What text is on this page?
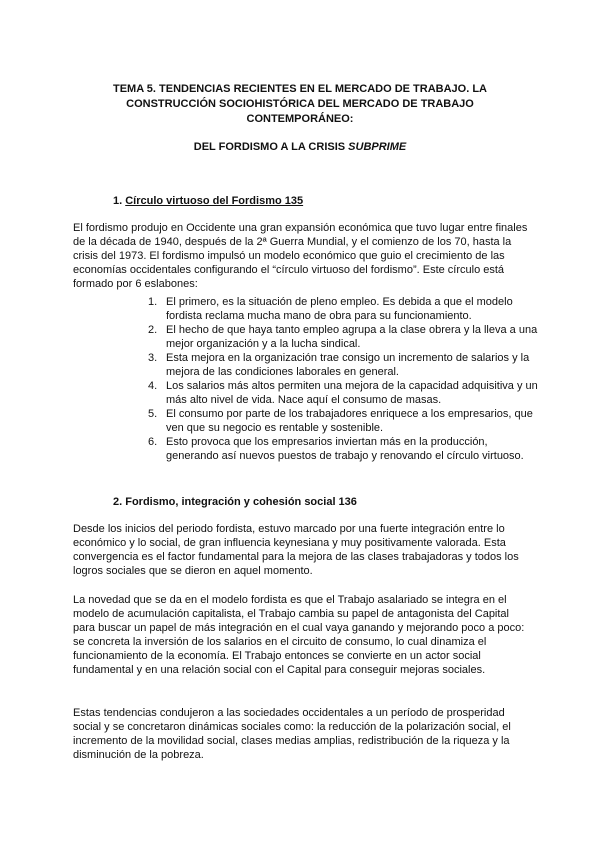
TEMA 5. TENDENCIAS RECIENTES EN EL MERCADO DE TRABAJO. LA CONSTRUCCIÓN SOCIOHISTÓRICA DEL MERCADO DE TRABAJO CONTEMPORÁNEO:
DEL FORDISMO A LA CRISIS SUBPRIME
1. Círculo virtuoso del Fordismo 135
El fordismo produjo en Occidente una gran expansión económica que tuvo lugar entre finales de la década de 1940, después de la 2ª Guerra Mundial, y el comienzo de los 70, hasta la crisis del 1973. El fordismo impulsó un modelo económico que guio el crecimiento de las economías occidentales configurando el “círculo virtuoso del fordismo”. Este círculo está formado por 6 eslabones:
1. El primero, es la situación de pleno empleo. Es debida a que el modelo fordista reclama mucha mano de obra para su funcionamiento.
2. El hecho de que haya tanto empleo agrupa a la clase obrera y la lleva a una mejor organización y a la lucha sindical.
3. Esta mejora en la organización trae consigo un incremento de salarios y la mejora de las condiciones laborales en general.
4. Los salarios más altos permiten una mejora de la capacidad adquisitiva y un más alto nivel de vida. Nace aquí el consumo de masas.
5. El consumo por parte de los trabajadores enriquece a los empresarios, que ven que su negocio es rentable y sostenible.
6. Esto provoca que los empresarios inviertan más en la producción, generando así nuevos puestos de trabajo y renovando el círculo virtuoso.
2. Fordismo, integración y cohesión social 136
Desde los inicios del periodo fordista, estuvo marcado por una fuerte integración entre lo económico y lo social, de gran influencia keynesiana y muy positivamente valorada. Esta convergencia es el factor fundamental para la mejora de las clases trabajadoras y todos los logros sociales que se dieron en aquel momento.
La novedad que se da en el modelo fordista es que el Trabajo asalariado se integra en el modelo de acumulación capitalista, el Trabajo cambia su papel de antagonista del Capital para buscar un papel de más integración en el cual vaya ganando y mejorando poco a poco: se concreta la inversión de los salarios en el circuito de consumo, lo cual dinamiza el funcionamiento de la economía. El Trabajo entonces se convierte en un actor social fundamental y en una relación social con el Capital para conseguir mejoras sociales.
Estas tendencias condujeron a las sociedades occidentales a un período de prosperidad social y se concretaron dinámicas sociales como: la reducción de la polarización social, el incremento de la movilidad social, clases medias amplias, redistribución de la riqueza y la disminución de la pobreza.
